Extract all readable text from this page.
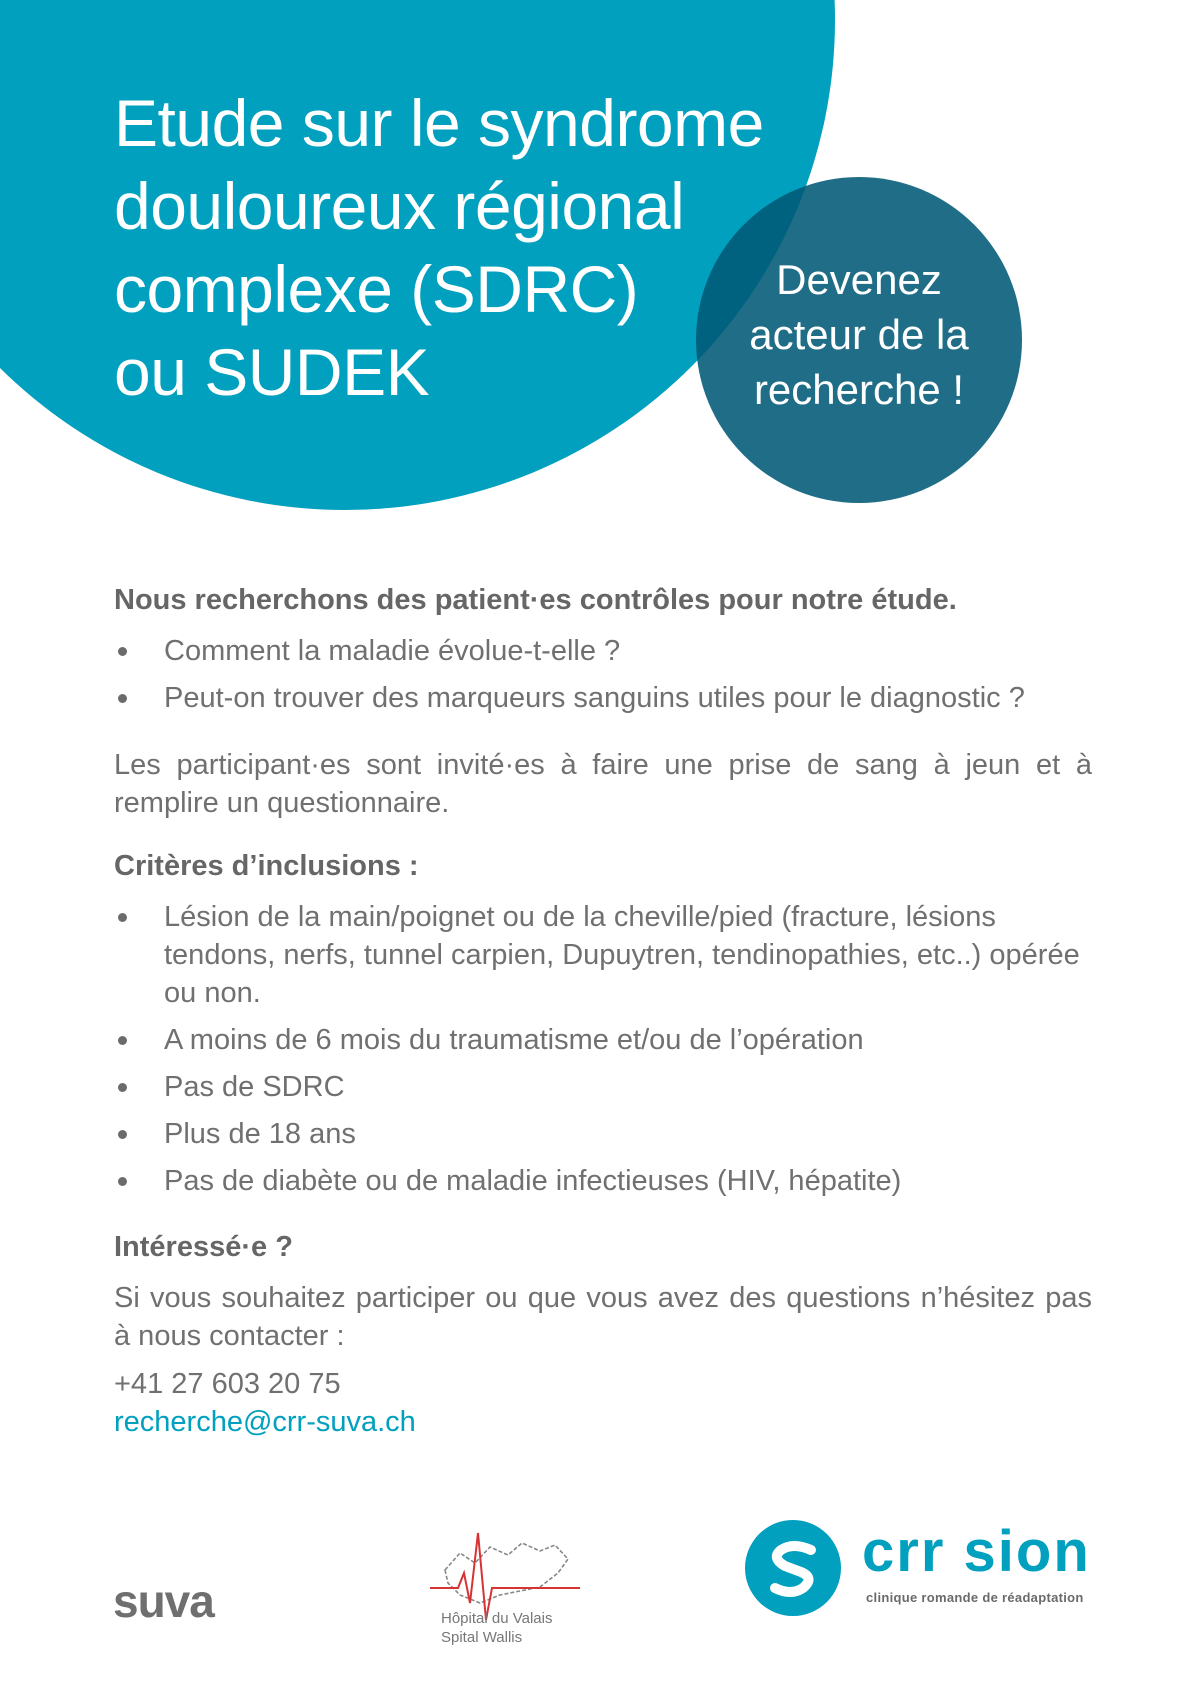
Etude sur le syndrome
douloureux régional
complexe (SDRC)
ou SUDEK
Devenez
acteur de la
recherche !

Nous recherchons des patient·es contrôles pour notre étude.

Comment la maladie évolue-t-elle ?
Peut-on trouver des marqueurs sanguins utiles pour le diagnostic ?

Les participant·es sont invité·es à faire une prise de sang à jeun et à remplire un questionnaire.

Critères d’inclusions :

Lésion de la main/poignet ou de la cheville/pied (fracture, lésions tendons, nerfs, tunnel carpien, Dupuytren, tendinopathies, etc..) opérée ou non.
A moins de 6 mois du traumatisme et/ou de l’opération
Pas de SDRC
Plus de 18 ans
Pas de diabète ou de maladie infectieuses (HIV, hépatite)

Intéressé·e ?

Si vous souhaitez participer ou que vous avez des questions n’hésitez pas à nous contacter :

+41 27 603 20 75
recherche@crr-suva.ch
suva	Hôpital du Valais
Spital Wallis
crr sion
clinique romande de réadaptation
